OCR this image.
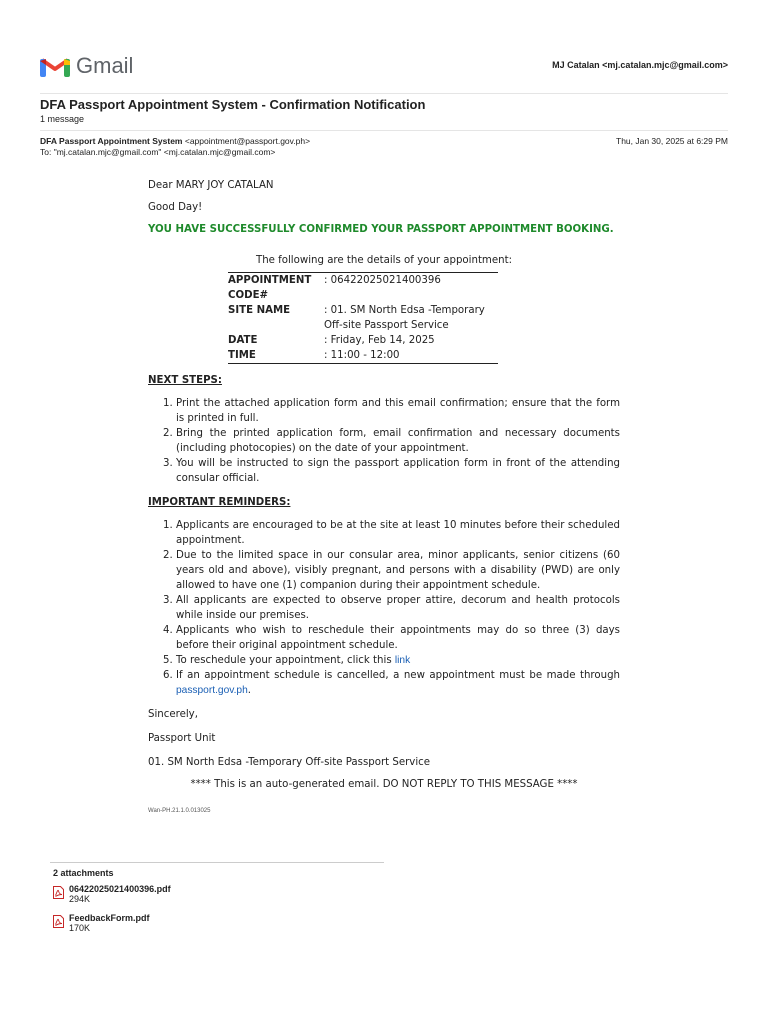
Gmail	MJ Catalan <mj.catalan.mjc@gmail.com>
DFA Passport Appointment System - Confirmation Notification
1 message
DFA Passport Appointment System <appointment@passport.gov.ph>
To: "mj.catalan.mjc@gmail.com" <mj.catalan.mjc@gmail.com>
Thu, Jan 30, 2025 at 6:29 PM

Dear MARY JOY CATALAN

Good Day!

YOU HAVE SUCCESSFULLY CONFIRMED YOUR PASSPORT APPOINTMENT BOOKING.

The following are the details of your appointment:

APPOINTMENT CODE#	: 06422025021400396
SITE NAME	: 01. SM North Edsa -Temporary Off-site Passport Service
DATE	: Friday, Feb 14, 2025
TIME	: 11:00 - 12:00

NEXT STEPS:

1. Print the attached application form and this email confirmation; ensure that the form is printed in full.
2. Bring the printed application form, email confirmation and necessary documents (including photocopies) on the date of your appointment.
3. You will be instructed to sign the passport application form in front of the attending consular official.

IMPORTANT REMINDERS:

1. Applicants are encouraged to be at the site at least 10 minutes before their scheduled appointment.
2. Due to the limited space in our consular area, minor applicants, senior citizens (60 years old and above), visibly pregnant, and persons with a disability (PWD) are only allowed to have one (1) companion during their appointment schedule.
3. All applicants are expected to observe proper attire, decorum and health protocols while inside our premises.
4. Applicants who wish to reschedule their appointments may do so three (3) days before their original appointment schedule.
5. To reschedule your appointment, click this link
6. If an appointment schedule is cancelled, a new appointment must be made through passport.gov.ph.

Sincerely,

Passport Unit

01. SM North Edsa -Temporary Off-site Passport Service

**** This is an auto-generated email. DO NOT REPLY TO THIS MESSAGE ****

Wan-PH.21.1.0.013025

2 attachments
06422025021400396.pdf
294K
FeedbackForm.pdf
170K
